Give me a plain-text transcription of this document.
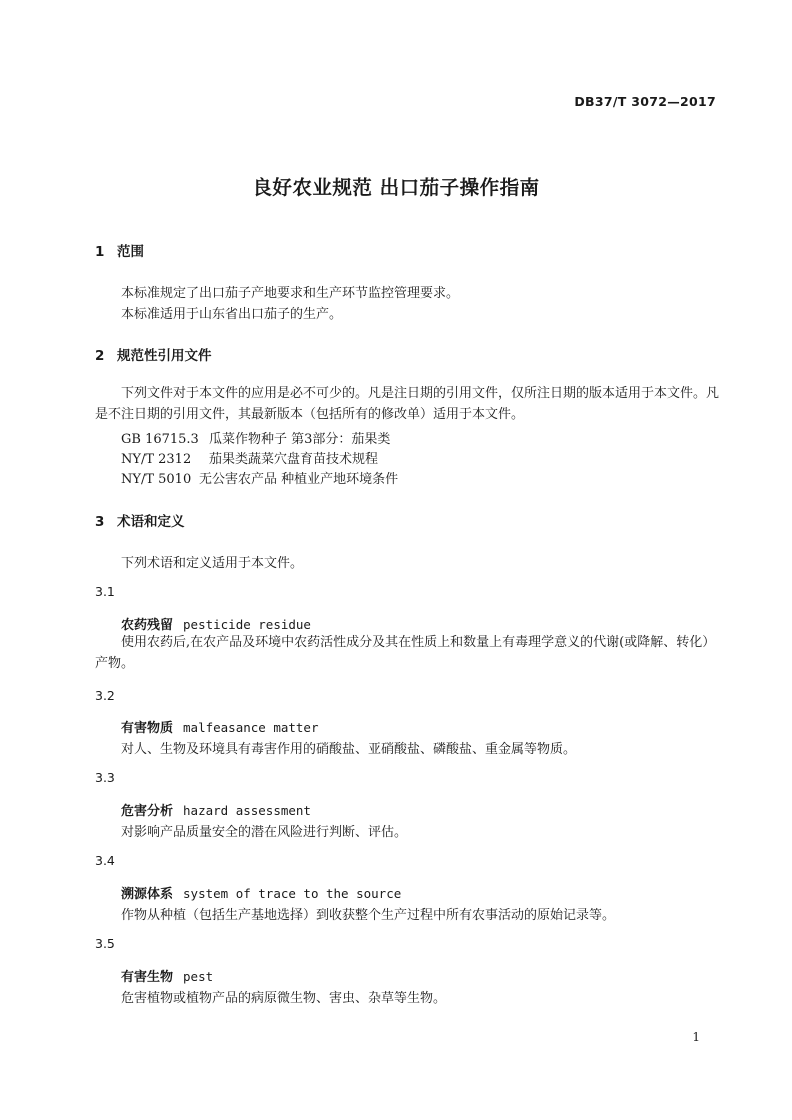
DB37/T 3072—2017
良好农业规范 出口茄子操作指南
1 范围
本标准规定了出口茄子产地要求和生产环节监控管理要求。
本标准适用于山东省出口茄子的生产。
2 规范性引用文件
下列文件对于本文件的应用是必不可少的。凡是注日期的引用文件，仅所注日期的版本适用于本文件。凡是不注日期的引用文件，其最新版本（包括所有的修改单）适用于本文件。
GB 16715.3 瓜菜作物种子 第3部分：茄果类
NY/T 2312 茄果类蔬菜穴盘育苗技术规程
NY/T 5010 无公害农产品 种植业产地环境条件
3 术语和定义
下列术语和定义适用于本文件。
3.1
农药残留 pesticide residue
使用农药后,在农产品及环境中农药活性成分及其在性质上和数量上有毒理学意义的代谢(或降解、转化）产物。
3.2
有害物质 malfeasance matter
对人、生物及环境具有毒害作用的硝酸盐、亚硝酸盐、磷酸盐、重金属等物质。
3.3
危害分析 hazard assessment
对影响产品质量安全的潜在风险进行判断、评估。
3.4
溯源体系 system of trace to the source
作物从种植（包括生产基地选择）到收获整个生产过程中所有农事活动的原始记录等。
3.5
有害生物 pest
危害植物或植物产品的病原微生物、害虫、杂草等生物。
1
